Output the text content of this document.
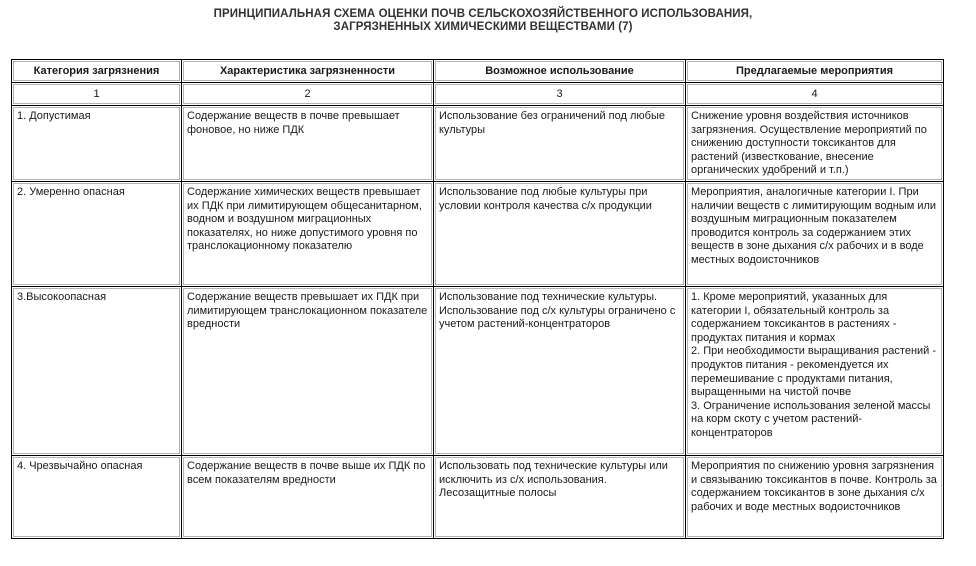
ПРИНЦИПИАЛЬНАЯ СХЕМА ОЦЕНКИ ПОЧВ СЕЛЬСКОХОЗЯЙСТВЕННОГО ИСПОЛЬЗОВАНИЯ,
ЗАГРЯЗНЕННЫХ ХИМИЧЕСКИМИ ВЕЩЕСТВАМИ (7)
Категория загрязнения	Характеристика загрязненности	Возможное использование	Предлагаемые мероприятия

1	2	3	4

1. Допустимая	Содержание веществ в почве превышает фоновое, но ниже ПДК	Использование без ограничений под любые культуры	Снижение уровня воздействия источников загрязнения. Осуществление мероприятий по снижению доступности токсикантов для растений (известкование, внесение органических удобрений и т.п.)

2. Умеренно опасная	Содержание химических веществ превышает их ПДК при лимитирующем общесанитарном, водном и воздушном миграционных показателях, но ниже допустимого уровня по транслокационному показателю	Использование под любые культуры при условии контроля качества с/х продукции	Мероприятия, аналогичные категории I. При наличии веществ с лимитирующим водным или воздушным миграционным показателем проводится контроль за содержанием этих веществ в зоне дыхания с/х рабочих и в воде местных водоисточников

3.Высокоопасная	Содержание веществ превышает их ПДК при лимитирующем транслокационном показателе вредности	Использование под технические культуры. Использование под с/х культуры ограничено с учетом растений-концентраторов	1. Кроме мероприятий, указанных для категории I, обязательный контроль за содержанием токсикантов в растениях - продуктах питания и кормах
2. При необходимости выращивания растений - продуктов питания - рекомендуется их перемешивание с продуктами питания, выращенными на чистой почве
3. Ограничение использования зеленой массы на корм скоту с учетом растений-концентраторов

4. Чрезвычайно опасная	Содержание веществ в почве выше их ПДК по всем показателям вредности	Использовать под технические культуры или исключить из с/х использования. Лесозащитные полосы	Мероприятия по снижению уровня загрязнения и связыванию токсикантов в почве. Контроль за содержанием токсикантов в зоне дыхания с/х рабочих и воде местных водоисточников
